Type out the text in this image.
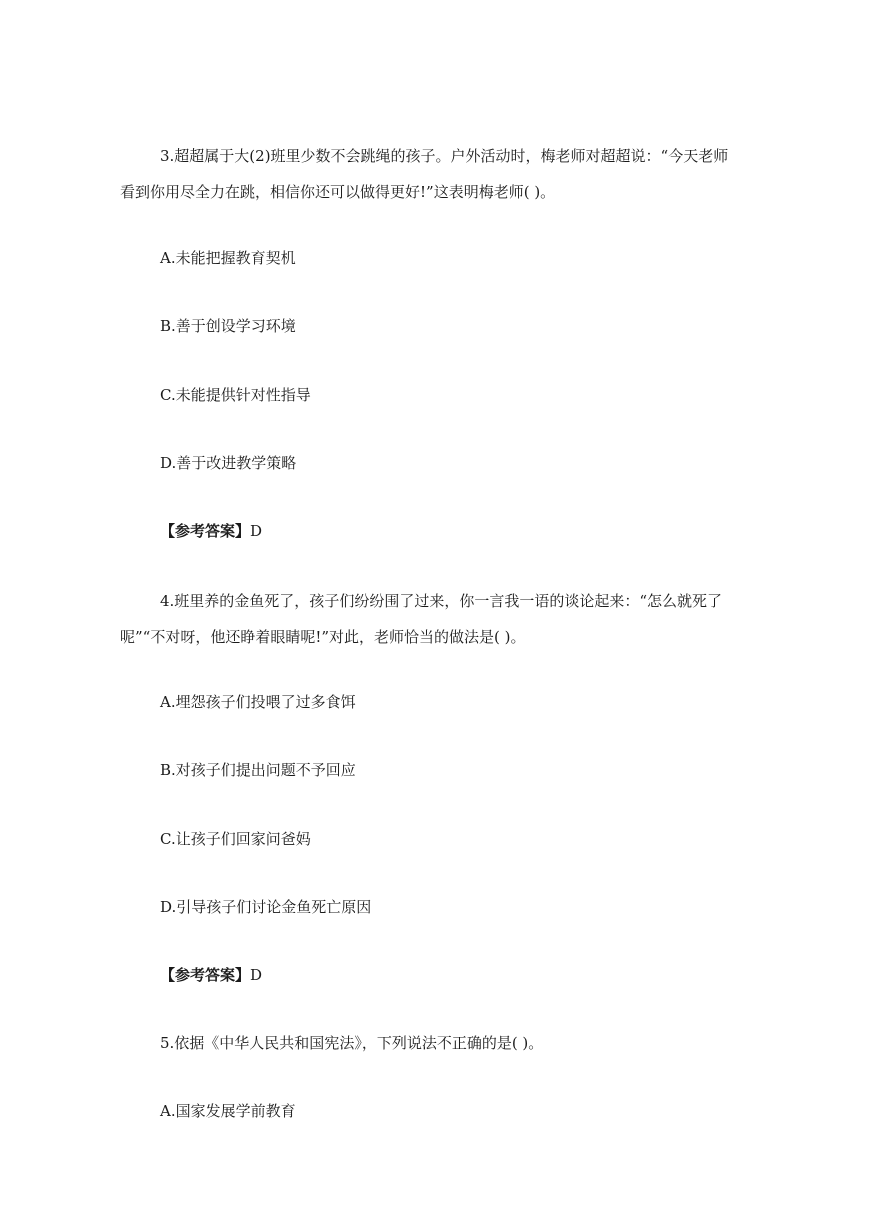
3.超超属于大(2)班里少数不会跳绳的孩子。户外活动时，梅老师对超超说：“今天老师
看到你用尽全力在跳，相信你还可以做得更好!”这表明梅老师( )。

A.未能把握教育契机
B.善于创设学习环境
C.未能提供针对性指导
D.善于改进教学策略
【参考答案】D

4.班里养的金鱼死了，孩子们纷纷围了过来，你一言我一语的谈论起来：“怎么就死了
呢”“不对呀，他还睁着眼睛呢!”对此，老师恰当的做法是( )。

A.埋怨孩子们投喂了过多食饵
B.对孩子们提出问题不予回应
C.让孩子们回家问爸妈
D.引导孩子们讨论金鱼死亡原因
【参考答案】D
5.依据《中华人民共和国宪法》，下列说法不正确的是( )。
A.国家发展学前教育
